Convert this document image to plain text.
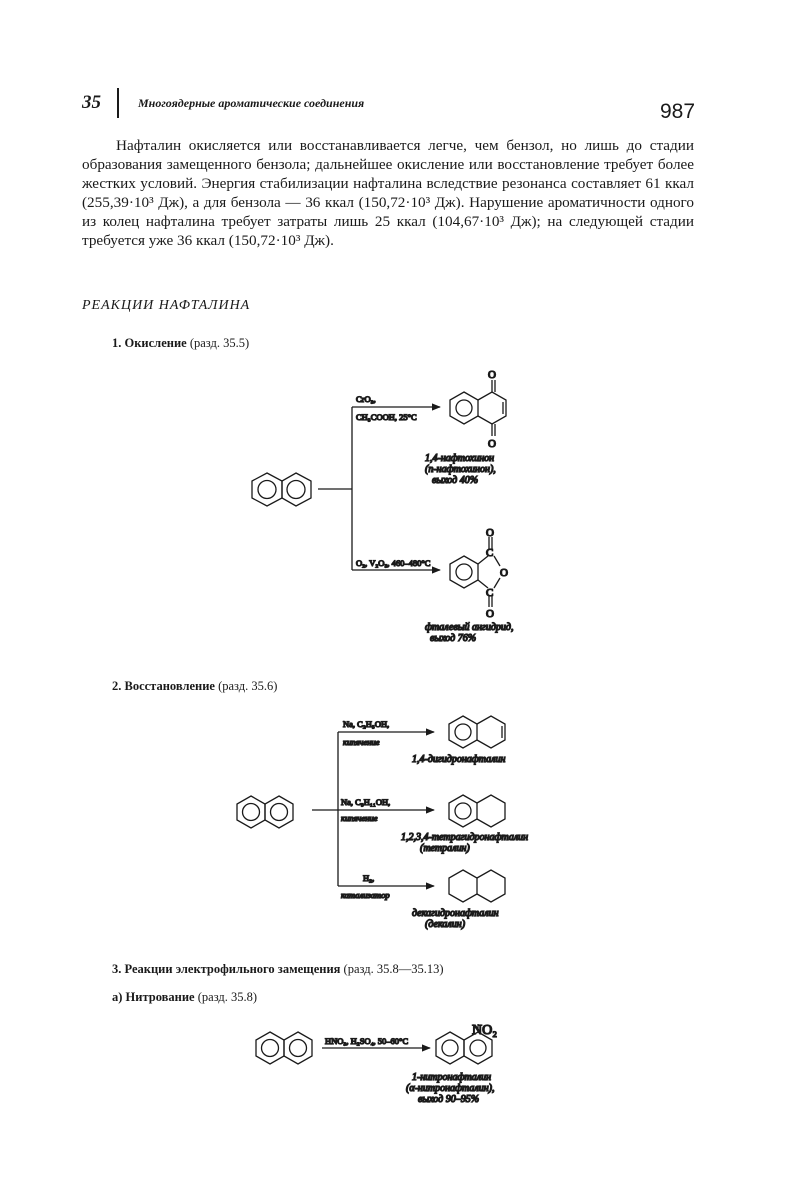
35	Многоядерные ароматические соединения	987
Нафталин окисляется или восстанавливается легче, чем бензол, но лишь до стадии образования замещенного бензола; дальнейшее окисление или восстановление требует более жестких условий. Энергия стабилизации нафталина вследствие резонанса составляет 61 ккал (255,39·10³ Дж), а для бензола — 36 ккал (150,72·10³ Дж). Нарушение ароматичности одного из колец нафталина требует затраты лишь 25 ккал (104,67·10³ Дж); на следующей стадии требуется уже 36 ккал (150,72·10³ Дж).
РЕАКЦИИ НАФТАЛИНА
1. Окисление (разд. 35.5)
2. Восстановление (разд. 35.6)
3. Реакции электрофильного замещения (разд. 35.8—35.13)
а) Нитрование (разд. 35.8)
CrO₃,
CH₃COOH, 25°C
O₂, V₂O₅, 460–480°C
O
O
1,4-нафтохинон
(п-нафтохинон),
выход 40%
O
C
O
C
O
фталевый ангидрид,
выход 76%
Na, C₂H₅OH,
кипячение
Na, C₅H₁₁OH,
кипячение
H₂,
катализатор
1,4-дигидронафталин
1,2,3,4-тетрагидронафталин
(тетралин)
декагидронафталин
(декалин)
HNO₃, H₂SO₄, 50–60°C
NO₂
1-нитронафталин
(α-нитронафталин),
выход 90–95%
